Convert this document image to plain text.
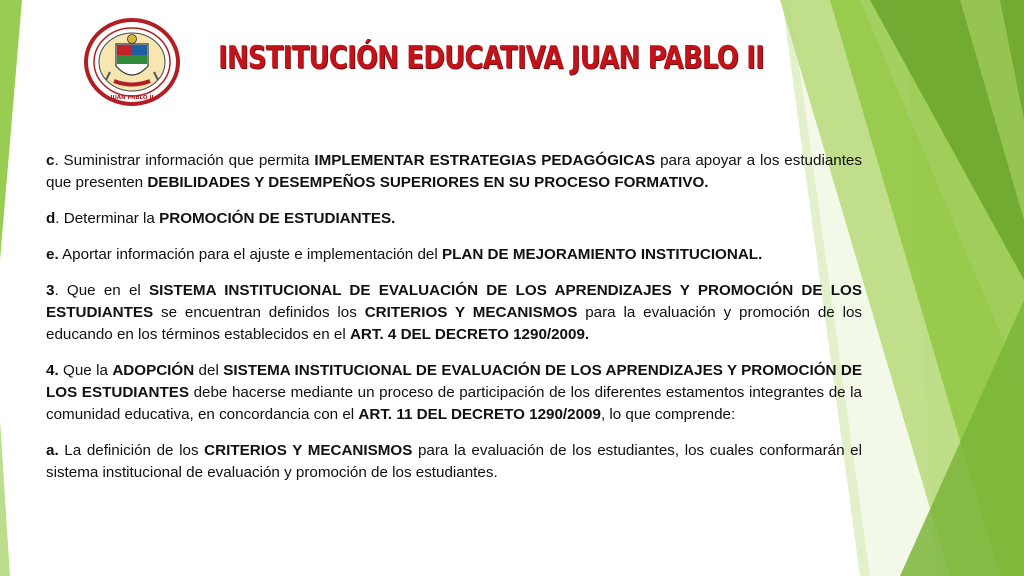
JUAN PABLO II
INSTITUCIÓN EDUCATIVA JUAN PABLO II

c. Suministrar información que permita IMPLEMENTAR ESTRATEGIAS PEDAGÓGICAS para apoyar a los estudiantes que presenten DEBILIDADES Y DESEMPEÑOS SUPERIORES EN SU PROCESO FORMATIVO.

d. Determinar la PROMOCIÓN DE ESTUDIANTES.

e. Aportar información para el ajuste e implementación del PLAN DE MEJORAMIENTO INSTITUCIONAL.

3. Que en el SISTEMA INSTITUCIONAL DE EVALUACIÓN DE LOS APRENDIZAJES Y PROMOCIÓN DE LOS ESTUDIANTES se encuentran definidos los CRITERIOS Y MECANISMOS para la evaluación y promoción de los educando en los términos establecidos en el ART. 4 DEL DECRETO 1290/2009.

4. Que la ADOPCIÓN del SISTEMA INSTITUCIONAL DE EVALUACIÓN DE LOS APRENDIZAJES Y PROMOCIÓN DE LOS ESTUDIANTES debe hacerse mediante un proceso de participación de los diferentes estamentos integrantes de la comunidad educativa, en concordancia con el ART. 11 DEL DECRETO 1290/2009, lo que comprende:

a. La definición de los CRITERIOS Y MECANISMOS para la evaluación de los estudiantes, los cuales conformarán el sistema institucional de evaluación y promoción de los estudiantes.
